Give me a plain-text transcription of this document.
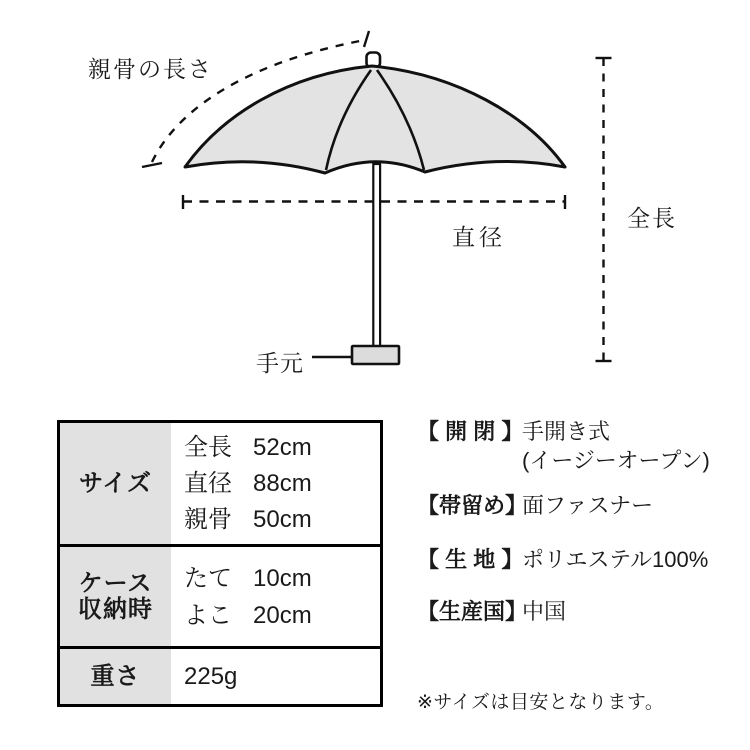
親骨の長さ
直径
全長
手元
サイズ
全長 52cm
直径 88cm
親骨 50cm
ケース
収納時
たて 10cm
よこ 20cm
重さ 225g
【 開 閉 】
手開き式
(イージーオープン)
【帯留め】
面ファスナー
【 生 地 】
ポリエステル100%
【生産国】
中国
※サイズは目安となります。
